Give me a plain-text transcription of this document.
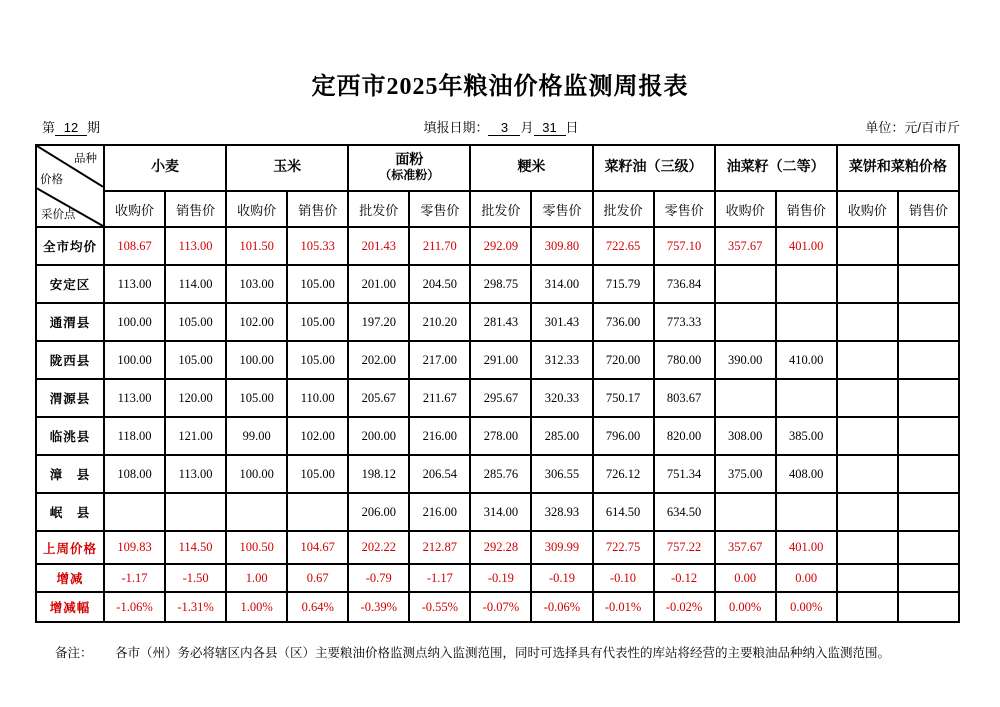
定西市2025年粮油价格监测周报表
第 12 期	填报日期： 3 月 31 日	单位：元/百市斤
品种
价格
采价点

小麦	玉米	面粉
（标准粉）

粳米	菜籽油（三级）	油菜籽（二等）	菜饼和菜粕价格

	收购价	销售价	收购价	销售价	批发价	零售价	批发价	零售价	批发价	零售价	收购价	销售价	收购价	销售价
全市均价	108.67	113.00	101.50	105.33	201.43	211.70	292.09	309.80	722.65	757.10	357.67	401.00		
安定区	113.00	114.00	103.00	105.00	201.00	204.50	298.75	314.00	715.79	736.84				
通渭县	100.00	105.00	102.00	105.00	197.20	210.20	281.43	301.43	736.00	773.33				
陇西县	100.00	105.00	100.00	105.00	202.00	217.00	291.00	312.33	720.00	780.00	390.00	410.00		
渭源县	113.00	120.00	105.00	110.00	205.67	211.67	295.67	320.33	750.17	803.67				
临洮县	118.00	121.00	99.00	102.00	200.00	216.00	278.00	285.00	796.00	820.00	308.00	385.00		
漳　县	108.00	113.00	100.00	105.00	198.12	206.54	285.76	306.55	726.12	751.34	375.00	408.00		
岷　县					206.00	216.00	314.00	328.93	614.50	634.50				
上周价格	109.83	114.50	100.50	104.67	202.22	212.87	292.28	309.99	722.75	757.22	357.67	401.00		
增减	-1.17	-1.50	1.00	0.67	-0.79	-1.17	-0.19	-0.19	-0.10	-0.12	0.00	0.00		
增减幅	-1.06%	-1.31%	1.00%	0.64%	-0.39%	-0.55%	-0.07%	-0.06%	-0.01%	-0.02%	0.00%	0.00%		
备注：	各市（州）务必将辖区内各县（区）主要粮油价格监测点纳入监测范围，同时可选择具有代表性的库站将经营的主要粮油品种纳入监测范围。
